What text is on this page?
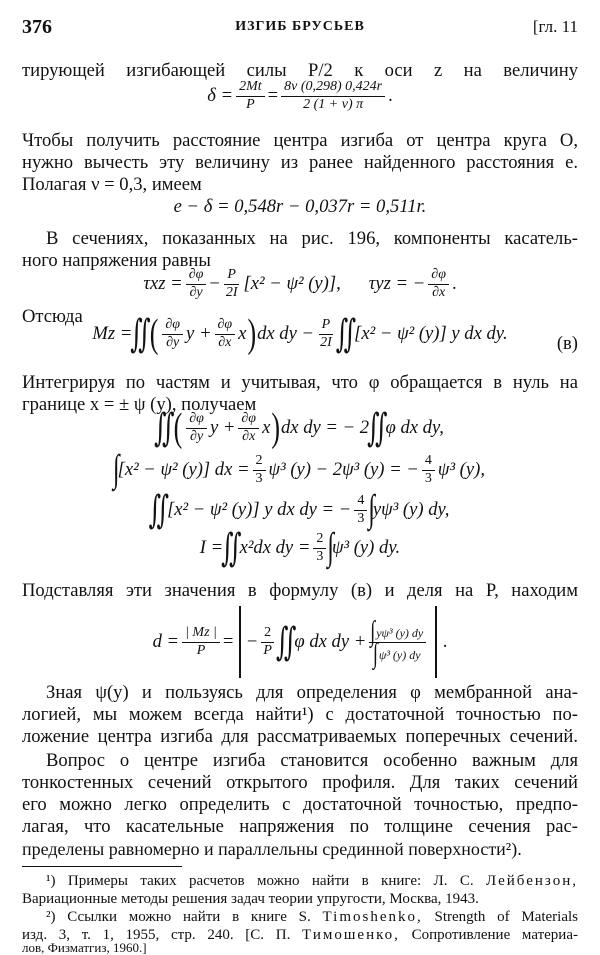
376	ИЗГИБ БРУСЬЕВ	[гл. 11
тирующей изгибающей силы P/2 к оси z на величину
$\delta = \frac{2Mt}{P} = \frac{8\nu (0,298) 0,424r}{2 (1 + \nu) \pi}$ .
Чтобы получить расстояние центра изгиба от центра круга O,
нужно вычесть эту величину из ранее найденного расстояния e.
Полагая ν = 0,3, имеем
e − δ = 0,548r − 0,037r = 0,511r.
В сечениях, показанных на рис. 196, компоненты касатель-
ного напряжения равны
$\tau xz = \frac{\partial\varphi}{\partial y} - \frac{P}{2I} [x^2 - \psi^2$ (y)], τyz = − $\frac{\partial\varphi}{\partial x}$ .
Отсюда
Mz =
∬ ( $\frac{\partial\varphi}{\partial y}$ $y + \frac{\partial\varphi}{\partial x}$ x ) dx dy − $\frac{P}{2I}$ ∬
[x² − ψ² (y)] y dx dy.	(в)
Интегрируя по частям и учитывая, что φ обращается в нуль на
границе x = ± ψ (y), получаем
∬ ( $\frac{\partial\varphi}{\partial y}$ $y + \frac{\partial\varphi}{\partial x}$ x ) dx dy = − 2
∬
φ dx dy,
∫
[x² − ψ² (y)] dx = $\frac{2}{3} \psi^3$ (y) − 2ψ³ (y) = − $\frac{4}{3} \psi^3$ (y),
∬
[x² − ψ² (y)] y dx dy = − $\frac{4}{3}$ ∫
yψ³ (y) dy,
I =
∬
x²dx dy = $\frac{2}{3}$ ∫
ψ³ (y) dy.
Подставляя эти значения в формулу (в) и деля на P, находим
$d = \frac{| Mz |}{P}$ = − $\frac{2}{P}$ ∬
φ dx dy + $\frac{\text{∫ yψ³ (y) dy}}{\text{∫ ψ³ (y) dy}}$ .
Зная ψ(y) и пользуясь для определения φ мембранной ана-
логией, мы можем всегда найти¹) с достаточной точностью по-
ложение центра изгиба для рассматриваемых поперечных сечений.
Вопрос о центре изгиба становится особенно важным для
тонкостенных сечений открытого профиля. Для таких сечений
его можно легко определить с достаточной точностью, предпо-
лагая, что касательные напряжения по толщине сечения рас-
пределены равномерно и параллельны срединной поверхности²).
¹) Примеры таких расчетов можно найти в книге: Л. С. Лейбензон,
Вариационные методы решения задач теории упругости, Москва, 1943.
²) Ссылки можно найти в книге S. Timoshenko, Strength of Materials
изд. 3, т. 1, 1955, стр. 240. [С. П. Тимошенко, Сопротивление материа-
лов, Физматгиз, 1960.]
